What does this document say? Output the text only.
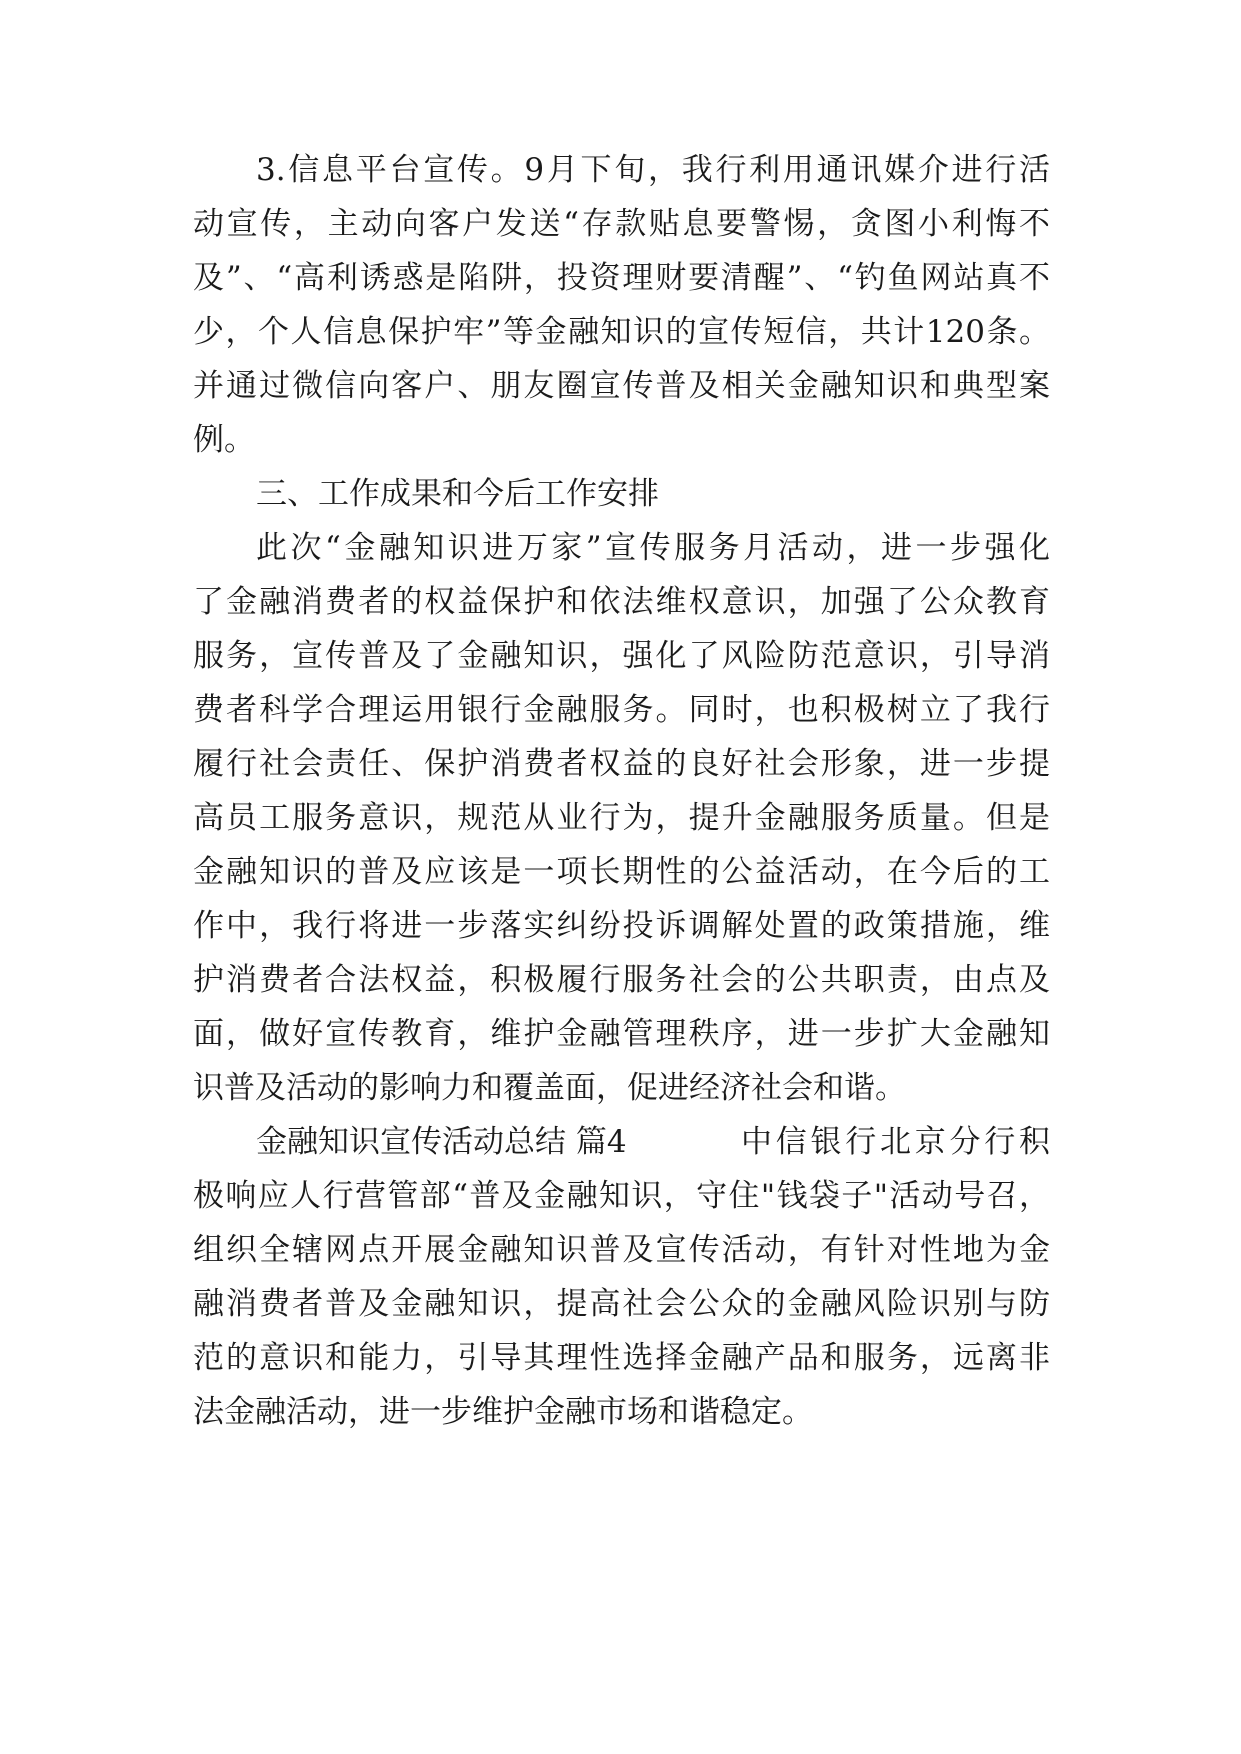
3.信息平台宣传。9月下旬，我行利用通讯媒介进行活

动宣传，主动向客户发送“存款贴息要警惕，贪图小利悔不

及”、“高利诱惑是陷阱，投资理财要清醒”、“钓鱼网站真不

少，个人信息保护牢”等金融知识的宣传短信，共计120条。

并通过微信向客户、朋友圈宣传普及相关金融知识和典型案

例。

三、工作成果和今后工作安排

此次“金融知识进万家”宣传服务月活动，进一步强化

了金融消费者的权益保护和依法维权意识，加强了公众教育

服务，宣传普及了金融知识，强化了风险防范意识，引导消

费者科学合理运用银行金融服务。同时，也积极树立了我行

履行社会责任、保护消费者权益的良好社会形象，进一步提

高员工服务意识，规范从业行为，提升金融服务质量。但是

金融知识的普及应该是一项长期性的公益活动，在今后的工

作中，我行将进一步落实纠纷投诉调解处置的政策措施，维

护消费者合法权益，积极履行服务社会的公共职责，由点及

面，做好宣传教育，维护金融管理秩序，进一步扩大金融知

识普及活动的影响力和覆盖面，促进经济社会和谐。

金融知识宣传活动总结 篇4	中信银行北京分行积

极响应人行营管部“普及金融知识，守住"钱袋子"活动号召，

组织全辖网点开展金融知识普及宣传活动，有针对性地为金

融消费者普及金融知识，提高社会公众的金融风险识别与防

范的意识和能力，引导其理性选择金融产品和服务，远离非

法金融活动，进一步维护金融市场和谐稳定。
